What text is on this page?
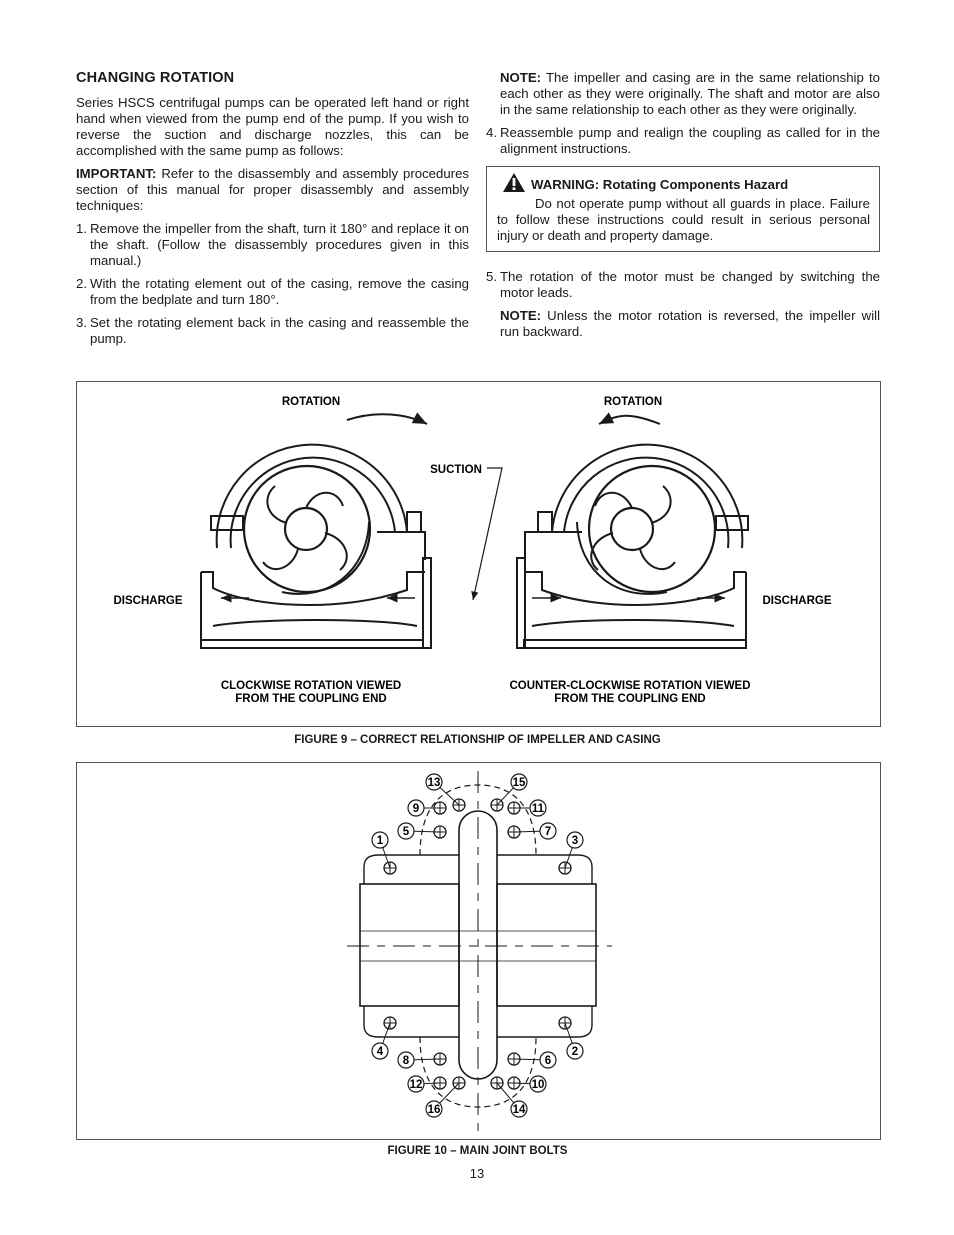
CHANGING ROTATION

Series HSCS centrifugal pumps can be operated left hand or right hand when viewed from the pump end of the pump. If you wish to reverse the suction and discharge nozzles, this can be accomplished with the same pump as follows:

IMPORTANT: Refer to the disassembly and assembly procedures section of this manual for proper disassembly and assembly techniques:

1. Remove the impeller from the shaft, turn it 180° and replace it on the shaft. (Follow the disassembly procedures given in this manual.)
2. With the rotating element out of the casing, remove the casing from the bedplate and turn 180°.
3. Set the rotating element back in the casing and reassemble the pump.

NOTE: The impeller and casing are in the same relationship to each other as they were originally. The shaft and motor are also in the same relationship to each other as they were originally.

4. Reassemble pump and realign the coupling as called for in the alignment instructions.
WARNING: Rotating Components Hazard
Do not operate pump without all guards in place. Failure to follow these instructions could result in serious personal injury or death and property damage.
5. The rotation of the motor must be changed by switching the motor leads.

NOTE: Unless the motor rotation is reversed, the impeller will run backward.

ROTATION	ROTATION
SUCTION
DISCHARGE	DISCHARGE
CLOCKWISE ROTATION VIEWED
FROM THE COUPLING END
COUNTER-CLOCKWISE ROTATION VIEWED
FROM THE COUPLING END
FIGURE 9 – CORRECT RELATIONSHIP OF IMPELLER AND CASING
1
2
3
4
5
6
7
8
9
10
11
12
13
14
15
16
FIGURE 10 – MAIN JOINT BOLTS
13
